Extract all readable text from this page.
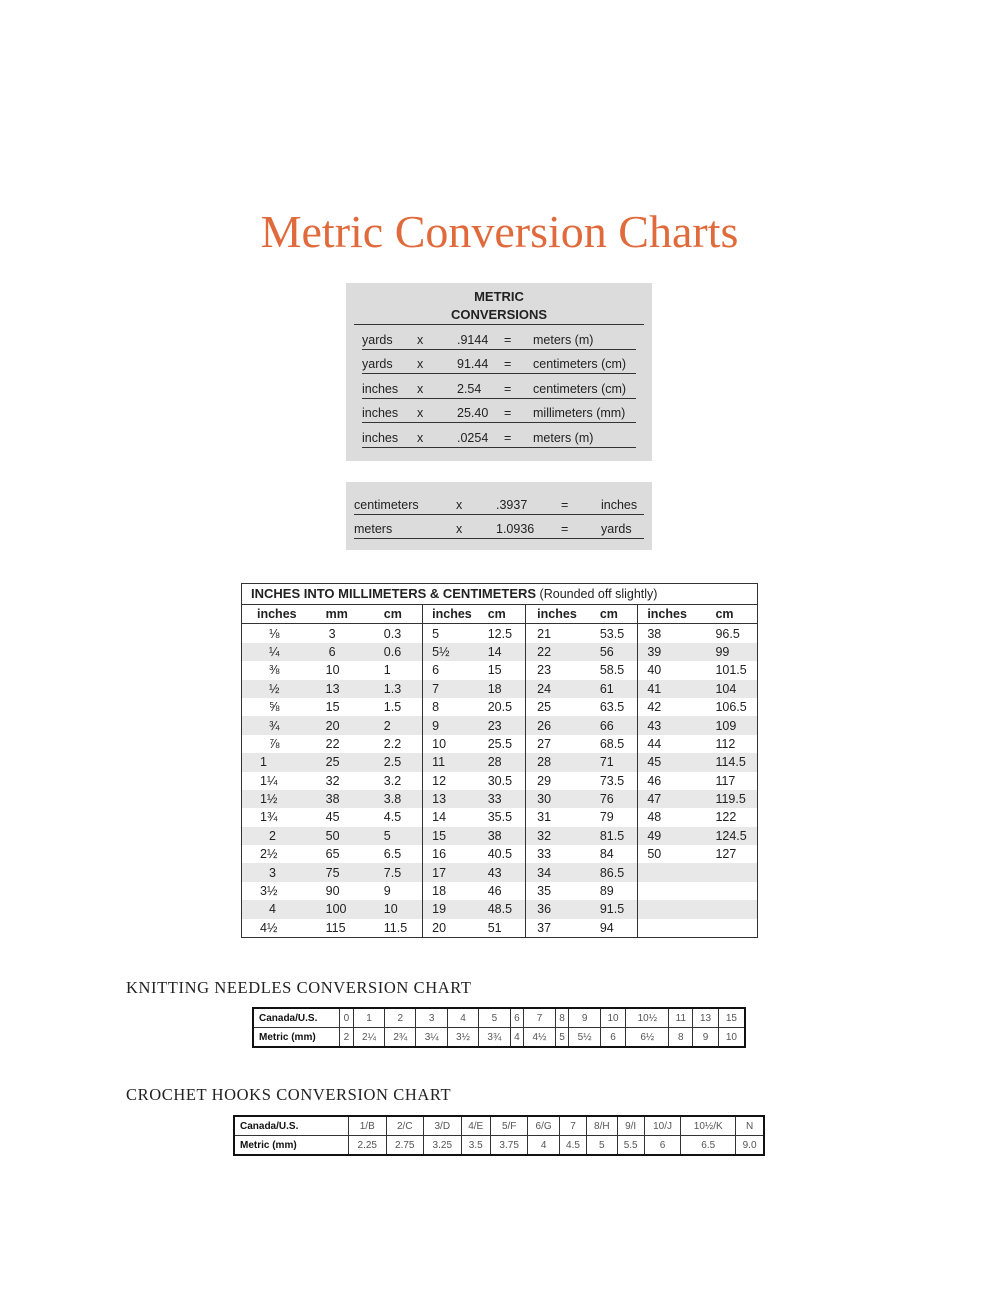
Metric Conversion Charts
METRIC
CONVERSIONS
yards x	.9144 = meters (m)
yards x	91.44 = centimeters (cm)
inches x	2.54 = centimeters (cm)
inches x	25.40 = millimeters (mm)
inches x	.0254 = meters (m)
centimeters	x	.3937	=	inches
meters	x	1.0936 =	yards
INCHES INTO MILLIMETERS & CENTIMETERS (Rounded off slightly)
inches	mm	cm	inches	cm	inches	cm	inches	cm
⅛	3	0.3	5	12.5	21	53.5	38	96.5
¼	6	0.6	5½	14	22	56	39	99
⅜	10	1	6	15	23	58.5	40	101.5
½	13	1.3	7	18	24	61	41	104
⅝	15	1.5	8	20.5	25	63.5	42	106.5
¾	20	2	9	23	26	66	43	109
⅞	22	2.2	10	25.5	27	68.5	44	112
1	25	2.5	11	28	28	71	45	114.5
1¼	32	3.2	12	30.5	29	73.5	46	117
1½	38	3.8	13	33	30	76	47	119.5
1¾	45	4.5	14	35.5	31	79	48	122
2	50	5	15	38	32	81.5	49	124.5
2½	65	6.5	16	40.5	33	84	50	127
3	75	7.5	17	43	34	86.5		
3½	90	9	18	46	35	89		
4	100	10	19	48.5	36	91.5		
4½	115	11.5	20	51	37	94		
KNITTING NEEDLES CONVERSION CHART
Canada/U.S.	0	1	2	3	4	5	6	7	8	9	10	10½	11	13	15
Metric (mm)	2	2¼	2¾	3¼	3½	3¾	4	4½	5	5½	6	6½	8	9	10
CROCHET HOOKS CONVERSION CHART
Canada/U.S.	1/B	2/C	3/D	4/E	5/F	6/G	7	8/H	9/I	10/J	10½/K	N
Metric (mm)	2.25	2.75	3.25	3.5	3.75	4	4.5	5	5.5	6	6.5	9.0
